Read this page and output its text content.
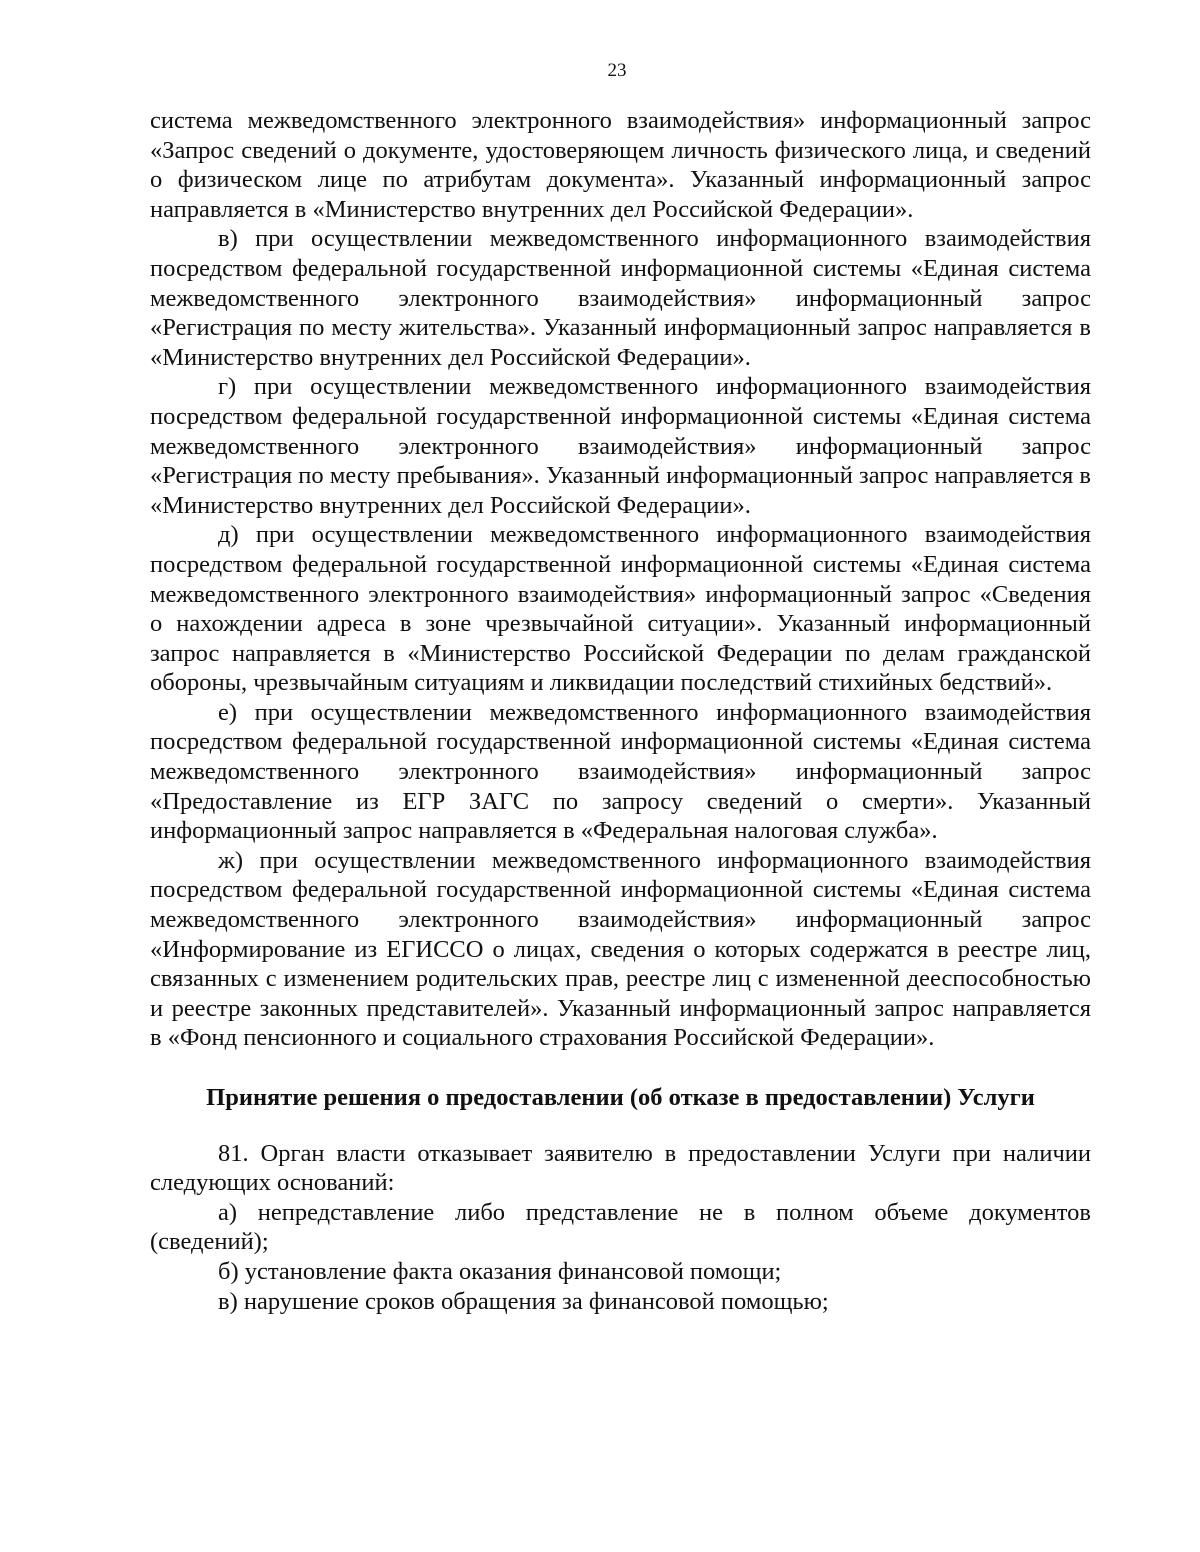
23

система межведомственного электронного взаимодействия» информационный запрос «Запрос сведений о документе, удостоверяющем личность физического лица, и сведений о физическом лице по атрибутам документа». Указанный информационный запрос направляется в «Министерство внутренних дел Российской Федерации».

в) при осуществлении межведомственного информационного взаимодействия посредством федеральной государственной информационной системы «Единая система межведомственного электронного взаимодействия» информационный запрос «Регистрация по месту жительства». Указанный информационный запрос направляется в «Министерство внутренних дел Российской Федерации».

г) при осуществлении межведомственного информационного взаимодействия посредством федеральной государственной информационной системы «Единая система межведомственного электронного взаимодействия» информационный запрос «Регистрация по месту пребывания». Указанный информационный запрос направляется в «Министерство внутренних дел Российской Федерации».

д) при осуществлении межведомственного информационного взаимодействия посредством федеральной государственной информационной системы «Единая система межведомственного электронного взаимодействия» информационный запрос «Сведения о нахождении адреса в зоне чрезвычайной ситуации». Указанный информационный запрос направляется в «Министерство Российской Федерации по делам гражданской обороны, чрезвычайным ситуациям и ликвидации последствий стихийных бедствий».

е) при осуществлении межведомственного информационного взаимодействия посредством федеральной государственной информационной системы «Единая система межведомственного электронного взаимодействия» информационный запрос «Предоставление из ЕГР ЗАГС по запросу сведений о смерти». Указанный информационный запрос направляется в «Федеральная налоговая служба».

ж) при осуществлении межведомственного информационного взаимодействия посредством федеральной государственной информационной системы «Единая система межведомственного электронного взаимодействия» информационный запрос «Информирование из ЕГИССО о лицах, сведения о которых содержатся в реестре лиц, связанных с изменением родительских прав, реестре лиц с измененной дееспособностью и реестре законных представителей». Указанный информационный запрос направляется в «Фонд пенсионного и социального страхования Российской Федерации».

Принятие решения о предоставлении (об отказе в предоставлении) Услуги

81. Орган власти отказывает заявителю в предоставлении Услуги при наличии следующих оснований:

а) непредставление либо представление не в полном объеме документов (сведений);

б) установление факта оказания финансовой помощи;

в) нарушение сроков обращения за финансовой помощью;
